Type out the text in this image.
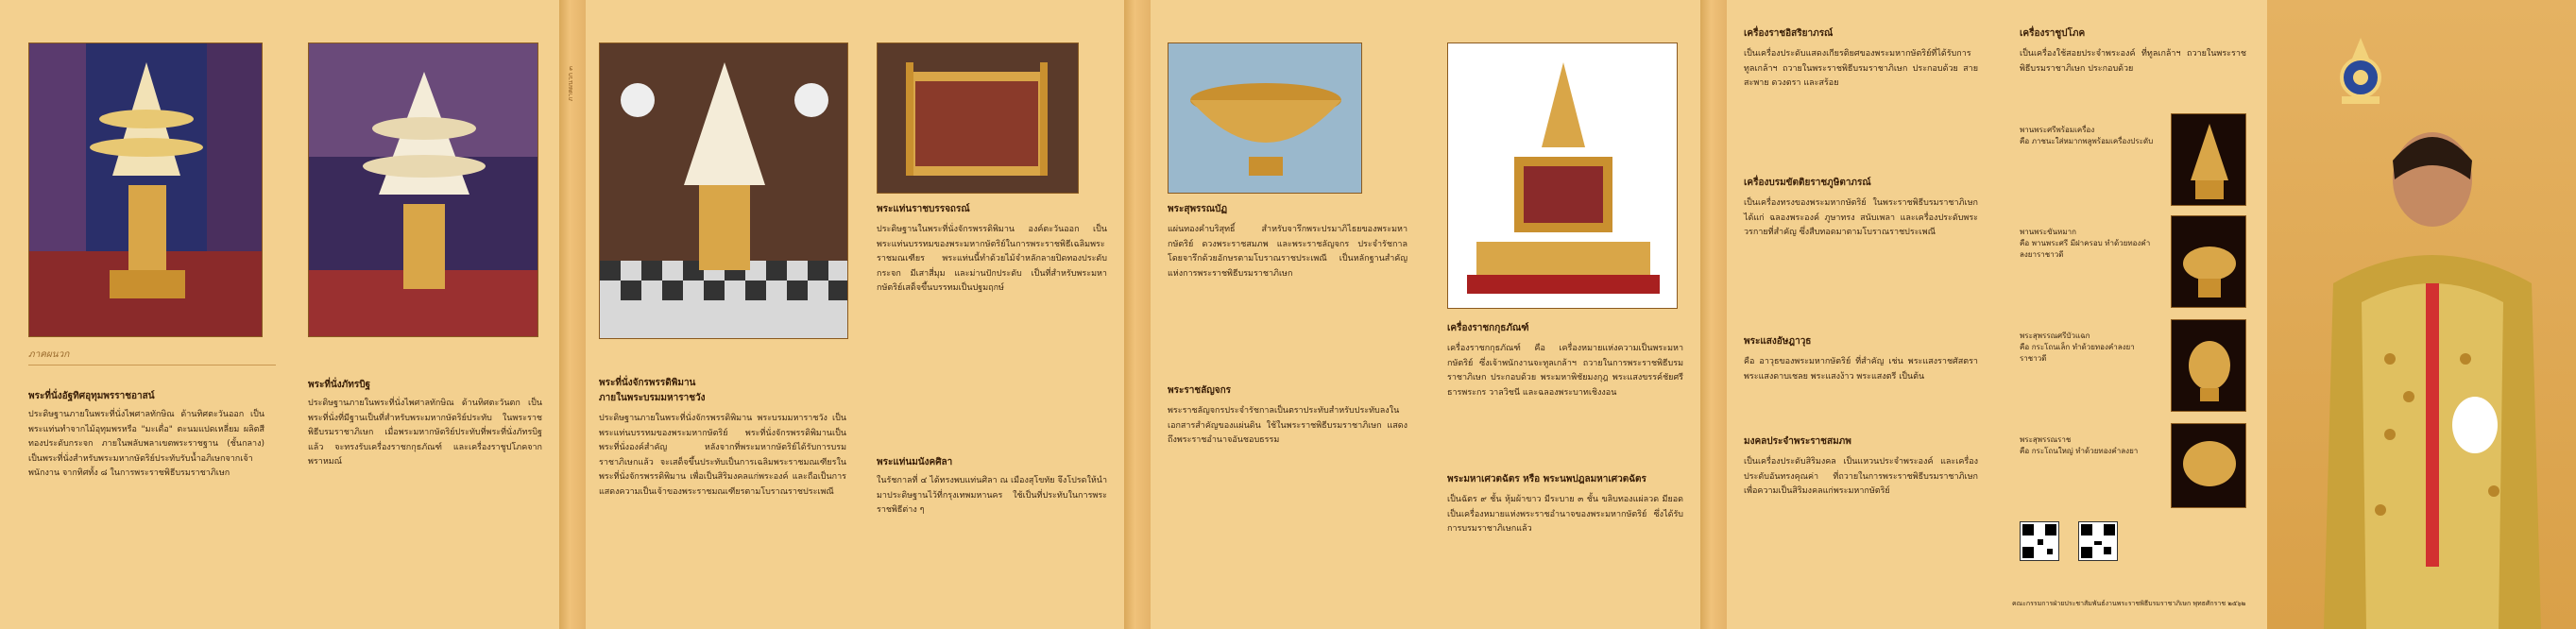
ภาคผนวก
พระที่นั่งอัฐทิศอุทุมพรราชอาสน์
ประดิษฐานภายในพระที่นั่งไพศาลทักษิณ ด้านทิศตะวันออก เป็นพระแท่นทำจากไม้อุทุมพรหรือ "มะเดื่อ" ตะนมแปดเหลี่ยม ผลิตสีทองประดับกระจก ภายในพลับพลาเขตพระราชฐาน (ชั้นกลาง) เป็นพระที่นั่งสำหรับพระมหากษัตริย์ประทับรับน้ำอภิเษกจากเจ้าพนักงาน จากทิศทั้ง ๘ ในการพระราชพิธีบรมราชาภิเษก
พระที่นั่งภัทรบิฐ
ประดิษฐานภายในพระที่นั่งไพศาลทักษิณ ด้านทิศตะวันตก เป็นพระที่นั่งที่มีฐานเป็นที่สำหรับพระมหากษัตริย์ประทับ ในพระราชพิธีบรมราชาภิเษก เมื่อพระมหากษัตริย์ประทับที่พระที่นั่งภัทรบิฐแล้ว จะทรงรับเครื่องราชกกุธภัณฑ์ และเครื่องราชูปโภคจากพราหมณ์
ภาคผนวก ๓
พระที่นั่งจักรพรรดิพิมาน
ภายในพระบรมมหาราชวัง
ประดิษฐานภายในพระที่นั่งจักรพรรดิพิมาน พระบรมมหาราชวัง เป็นพระแท่นบรรทมของพระมหากษัตริย์ พระที่นั่งจักรพรรดิพิมานเป็นพระที่นั่งองค์สำคัญ หลังจากที่พระมหากษัตริย์ได้รับการบรมราชาภิเษกแล้ว จะเสด็จขึ้นประทับเป็นการเฉลิมพระราชมณเฑียรในพระที่นั่งจักรพรรดิพิมาน เพื่อเป็นสิริมงคลแก่พระองค์ และถือเป็นการแสดงความเป็นเจ้าของพระราชมณเฑียรตามโบราณราชประเพณี
พระแท่นราชบรรจถรณ์
ประดิษฐานในพระที่นั่งจักรพรรดิพิมาน องค์ตะวันออก เป็นพระแท่นบรรทมของพระมหากษัตริย์ในการพระราชพิธีเฉลิมพระราชมณเฑียร พระแท่นนี้ทำด้วยไม้จำหลักลายปิดทองประดับกระจก มีเสาสี่มุม และม่านปักประดับ เป็นที่สำหรับพระมหากษัตริย์เสด็จขึ้นบรรทมเป็นปฐมฤกษ์
พระแท่นมนังคศิลา
ในรัชกาลที่ ๔ ได้ทรงพบแท่นศิลา ณ เมืองสุโขทัย จึงโปรดให้นำมาประดิษฐานไว้ที่กรุงเทพมหานคร ใช้เป็นที่ประทับในการพระราชพิธีต่าง ๆ
พระสุพรรณบัฏ
แผ่นทองคำบริสุทธิ์ สำหรับจารึกพระปรมาภิไธยของพระมหากษัตริย์ ดวงพระราชสมภพ และพระราชลัญจกร ประจำรัชกาล โดยจารึกด้วยอักษรตามโบราณราชประเพณี เป็นหลักฐานสำคัญแห่งการพระราชพิธีบรมราชาภิเษก
พระราชลัญจกร
พระราชลัญจกรประจำรัชกาลเป็นตราประทับสำหรับประทับลงในเอกสารสำคัญของแผ่นดิน ใช้ในพระราชพิธีบรมราชาภิเษก แสดงถึงพระราชอำนาจอันชอบธรรม
เครื่องราชกกุธภัณฑ์
เครื่องราชกกุธภัณฑ์ คือ เครื่องหมายแห่งความเป็นพระมหากษัตริย์ ซึ่งเจ้าพนักงานจะทูลเกล้าฯ ถวายในการพระราชพิธีบรมราชาภิเษก ประกอบด้วย พระมหาพิชัยมงกุฎ พระแสงขรรค์ชัยศรี ธารพระกร วาลวิชนี และฉลองพระบาทเชิงงอน
พระมหาเศวตฉัตร หรือ พระนพปฎลมหาเศวตฉัตร
เป็นฉัตร ๙ ชั้น หุ้มผ้าขาว มีระบาย ๓ ชั้น ขลิบทองแผ่ลวด มียอด เป็นเครื่องหมายแห่งพระราชอำนาจของพระมหากษัตริย์ ซึ่งได้รับการบรมราชาภิเษกแล้ว
เครื่องราชอิสริยาภรณ์
เป็นเครื่องประดับแสดงเกียรติยศของพระมหากษัตริย์ที่ได้รับการทูลเกล้าฯ ถวายในพระราชพิธีบรมราชาภิเษก ประกอบด้วย สายสะพาย ดวงตรา และสร้อย
เครื่องบรมขัตติยราชภูษิตาภรณ์
เป็นเครื่องทรงของพระมหากษัตริย์ ในพระราชพิธีบรมราชาภิเษก ได้แก่ ฉลองพระองค์ ภูษาทรง สนับเพลา และเครื่องประดับพระวรกายที่สำคัญ ซึ่งสืบทอดมาตามโบราณราชประเพณี
พระแสงอัษฎาวุธ
คือ อาวุธของพระมหากษัตริย์ ที่สำคัญ เช่น พระแสงราชศัสตรา พระแสงดาบเชลย พระแสงง้าว พระแสงตรี เป็นต้น
มงคลประจำพระราชสมภพ
เป็นเครื่องประดับสิริมงคล เป็นแหวนประจำพระองค์ และเครื่องประดับอันทรงคุณค่า ที่ถวายในการพระราชพิธีบรมราชาภิเษก เพื่อความเป็นสิริมงคลแก่พระมหากษัตริย์
เครื่องราชูปโภค
เป็นเครื่องใช้สอยประจำพระองค์ ที่ทูลเกล้าฯ ถวายในพระราชพิธีบรมราชาภิเษก ประกอบด้วย
พานพระศรีพร้อมเครื่อง
คือ ภาชนะใส่หมากพลูพร้อมเครื่องประดับ
พานพระขันหมาก
คือ พานพระศรี มีฝาครอบ ทำด้วยทองคำลงยาราชาวดี
พระสุพรรณศรีบัวแฉก
คือ กระโถนเล็ก ทำด้วยทองคำลงยาราชาวดี
พระสุพรรณราช
คือ กระโถนใหญ่ ทำด้วยทองคำลงยา
คณะกรรมการฝ่ายประชาสัมพันธ์งานพระราชพิธีบรมราชาภิเษก พุทธศักราช ๒๕๖๒
